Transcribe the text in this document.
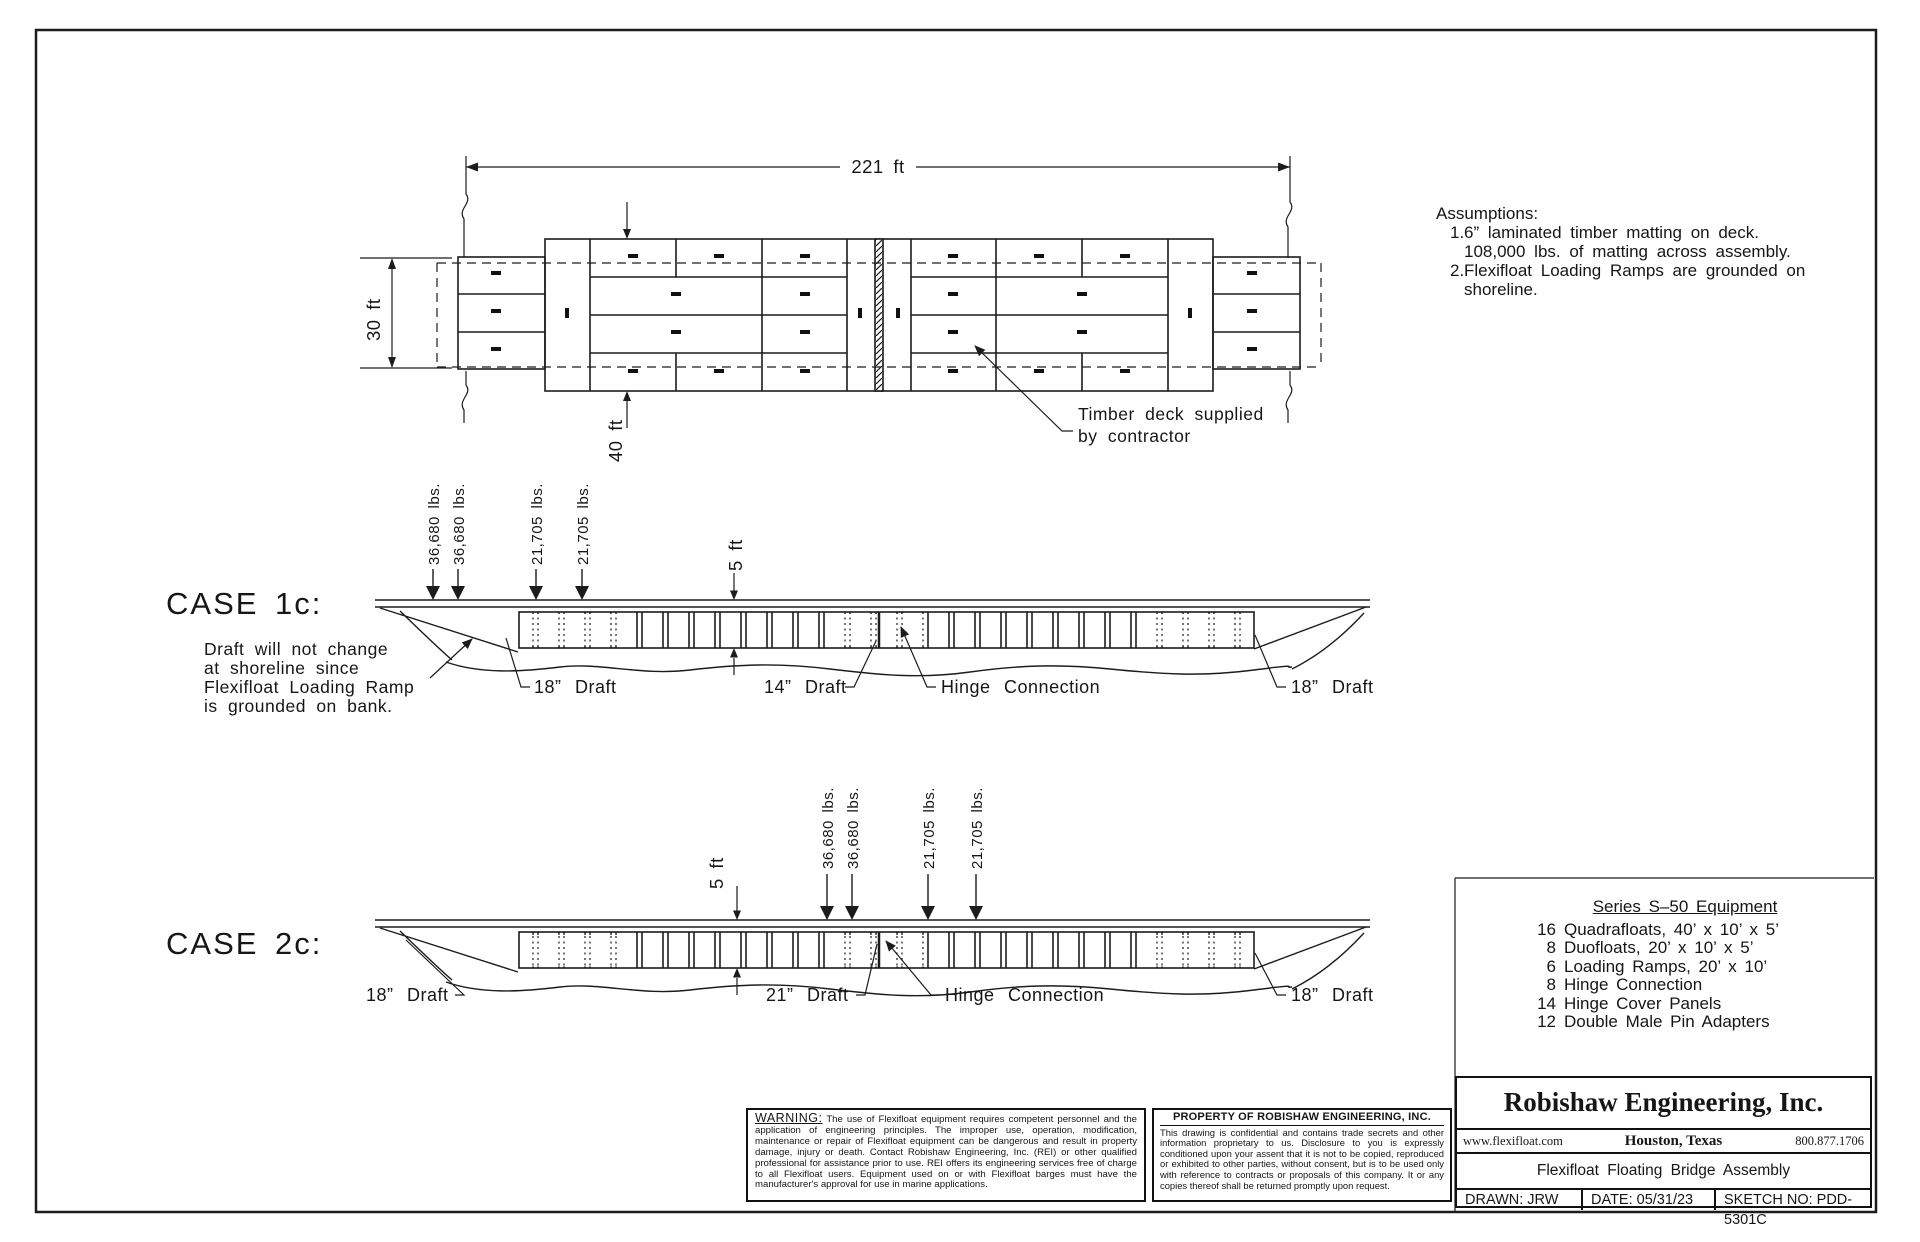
221 ft
30 ft
40 ft
Timber deck supplied
by contractor
CASE 1c:
36,680 lbs. 36,680 lbs.	21,705 lbs. 21,705 lbs.	5 ft
Draft will not change
at shoreline since
Flexifloat Loading Ramp
is grounded on bank.
18” Draft	14” Draft	Hinge Connection	18” Draft
CASE 2c:
36,680 lbs. 36,680 lbs.	21,705 lbs. 21,705 lbs.
5 ft
18” Draft	21” Draft	Hinge Connection	18” Draft
Assumptions:
1. 6” laminated timber matting on deck.
108,000 lbs. of matting across assembly.
2. Flexifloat Loading Ramps are grounded on
shoreline.
Series S–50 Equipment
16 Quadrafloats, 40’ x 10’ x 5’
8 Duofloats, 20’ x 10’ x 5’
6 Loading Ramps, 20’ x 10’
8 Hinge Connection
14 Hinge Cover Panels
12 Double Male Pin Adapters
WARNING: The use of Flexifloat equipment requires competent personnel and the application of engineering principles. The improper use, operation, modification, maintenance or repair of Flexifloat equipment can be dangerous and result in property damage, injury or death. Contact Robishaw Engineering, Inc. (REI) or other qualified professional for assistance prior to use. REI offers its engineering services free of charge to all Flexifloat users. Equipment used on or with Flexifloat barges must have the manufacturer's approval for use in marine applications.
PROPERTY OF ROBISHAW ENGINEERING, INC.
This drawing is confidential and contains trade secrets and other information proprietary to us. Disclosure to you is expressly conditioned upon your assent that it is not to be copied, reproduced or exhibited to other parties, without consent, but is to be used only with reference to contracts or proposals of this company. It or any copies thereof shall be returned promptly upon request.
Robishaw Engineering, Inc.
www.flexifloat.com	Houston, Texas	800.877.1706
Flexifloat Floating Bridge Assembly
DRAWN: JRW	DATE: 05/31/23	SKETCH NO: PDD-5301C
